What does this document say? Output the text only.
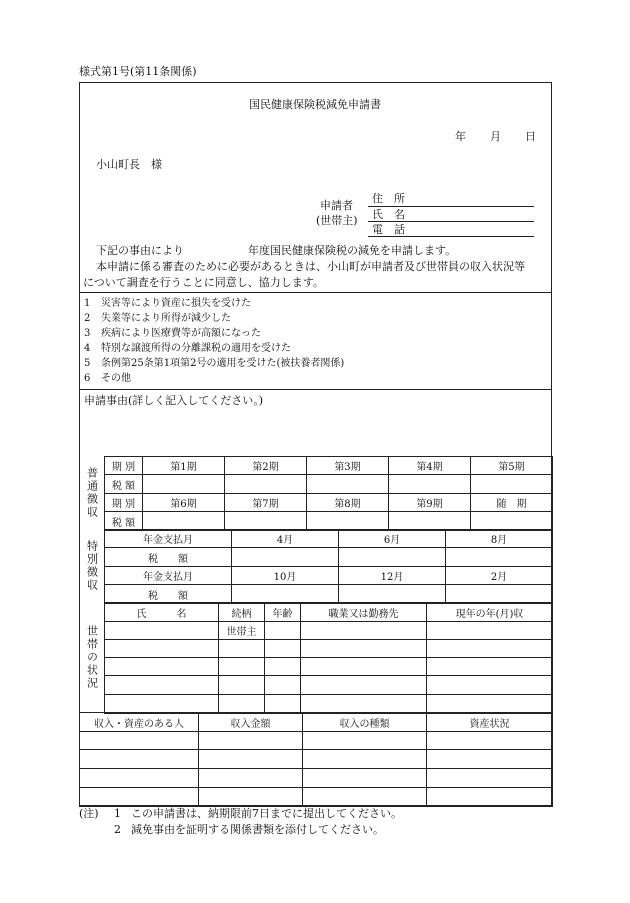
様式第1号(第11条関係)
国民健康保険税減免申請書
年 月 日
小山町長　様
申請者
(世帯主)
住　所
氏　名
電　話
下記の事由により	年度国民健康保険税の減免を申請します。
本申請に係る審査のために必要があるときは、小山町が申請者及び世帯員の収入状況等
について調査を行うことに同意し、協力します。
1 災害等により資産に損失を受けた
2 失業等により所得が減少した
3 疾病により医療費等が高額になった
4 特別な譲渡所得の分離課税の適用を受けた
5 条例第25条第1項第2号の適用を受けた(被扶養者関係)
6 その他
申請事由(詳しく記入してください。)
普通徴収 期 別	第1期	第2期	第3期	第4期	第5期
税 額					
期 別	第6期	第7期	第8期	第9期	随　期
税 額					
特別徴収	年金支払月	4月	6月	8月
税　　額			
年金支払月	10月	12月	2月
税　　額			
世帯の状況
氏　　　名	続柄	年齢	職業又は勤務先	現年の年(月)収
	世帯主			

収入・資産のある人	収入金額	収入の種類	資産状況

(注) 1 この申請書は、納期限前7日までに提出してください。
2 減免事由を証明する関係書類を添付してください。
